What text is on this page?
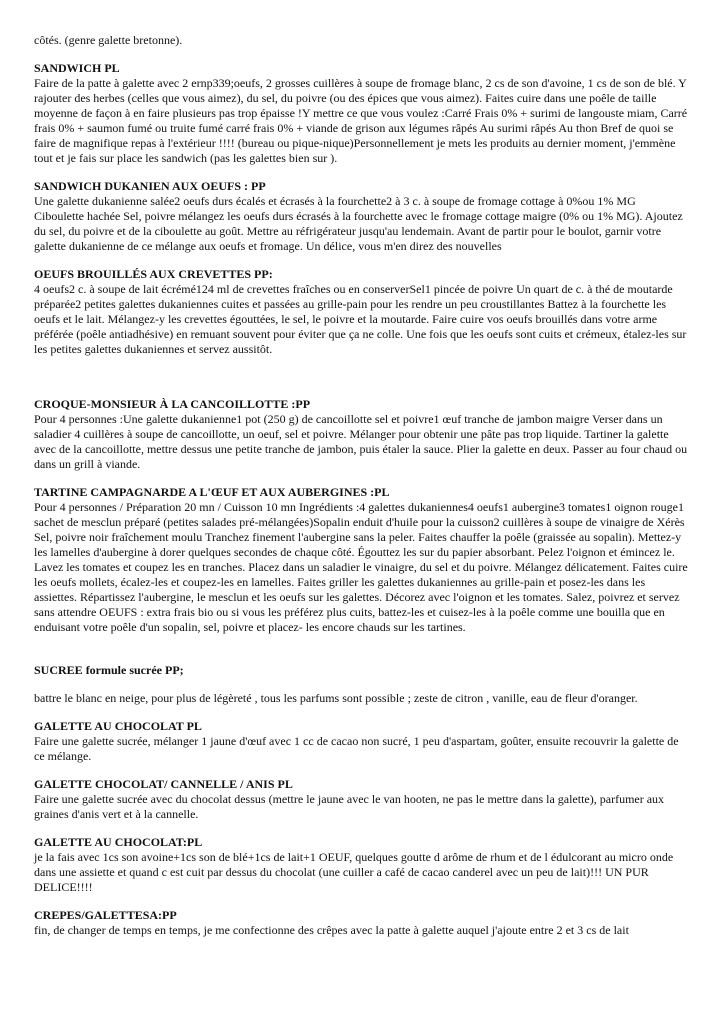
côtés. (genre galette bretonne).

SANDWICH PL

Faire de la patte à galette avec 2 ernp339;oeufs, 2 grosses cuillères à soupe de fromage blanc, 2 cs de son d'avoine, 1 cs de son de blé. Y rajouter des herbes (celles que vous aimez), du sel, du poivre (ou des épices que vous aimez). Faites cuire dans une poêle de taille moyenne de façon à en faire plusieurs pas trop épaisse !Y mettre ce que vous voulez :Carré Frais 0% + surimi de langouste miam, Carré frais 0% + saumon fumé ou truite fumé carré frais 0% + viande de grison aux légumes râpés Au surimi râpés Au thon Bref de quoi se faire de magnifique repas à l'extérieur !!!! (bureau ou pique-nique)Personnellement je mets les produits au dernier moment, j'emmène tout et je fais sur place les sandwich (pas les galettes bien sur ).

SANDWICH DUKANIEN AUX OEUFS : PP

Une galette dukanienne salée2 oeufs durs écalés et écrasés à la fourchette2 à 3 c. à soupe de fromage cottage à 0%ou 1% MG Ciboulette hachée Sel, poivre mélangez les oeufs durs écrasés à la fourchette avec le fromage cottage maigre (0% ou 1% MG). Ajoutez du sel, du poivre et de la ciboulette au goût. Mettre au réfrigérateur jusqu'au lendemain. Avant de partir pour le boulot, garnir votre galette dukanienne de ce mélange aux oeufs et fromage. Un délice, vous m'en direz des nouvelles

OEUFS BROUILLÉS AUX CREVETTES PP:

4 oeufs2 c. à soupe de lait écrémé124 ml de crevettes fraîches ou en conserverSel1 pincée de poivre Un quart de c. à thé de moutarde préparée2 petites galettes dukaniennes cuites et passées au grille-pain pour les rendre un peu croustillantes Battez à la fourchette les oeufs et le lait. Mélangez-y les crevettes égouttées, le sel, le poivre et la moutarde. Faire cuire vos oeufs brouillés dans votre arme préférée (poêle antiadhésive) en remuant souvent pour éviter que ça ne colle. Une fois que les oeufs sont cuits et crémeux, étalez-les sur les petites galettes dukaniennes et servez aussitôt.

CROQUE-MONSIEUR À LA CANCOILLOTTE :PP

Pour 4 personnes :Une galette dukanienne1 pot (250 g) de cancoillotte sel et poivre1 œuf tranche de jambon maigre Verser dans un saladier 4 cuillères à soupe de cancoillotte, un oeuf, sel et poivre. Mélanger pour obtenir une pâte pas trop liquide. Tartiner la galette avec de la cancoillotte, mettre dessus une petite tranche de jambon, puis étaler la sauce. Plier la galette en deux. Passer au four chaud ou dans un grill à viande.

TARTINE CAMPAGNARDE A L'ŒUF ET AUX AUBERGINES :PL

Pour 4 personnes / Préparation 20 mn / Cuisson 10 mn Ingrédients :4 galettes dukaniennes4 oeufs1 aubergine3 tomates1 oignon rouge1 sachet de mesclun préparé (petites salades pré-mélangées)Sopalin enduit d'huile pour la cuisson2 cuillères à soupe de vinaigre de Xérès Sel, poivre noir fraîchement moulu Tranchez finement l'aubergine sans la peler. Faites chauffer la poêle (graissée au sopalin). Mettez-y les lamelles d'aubergine à dorer quelques secondes de chaque côté. Égouttez les sur du papier absorbant. Pelez l'oignon et émincez le. Lavez les tomates et coupez les en tranches. Placez dans un saladier le vinaigre, du sel et du poivre. Mélangez délicatement. Faites cuire les oeufs mollets, écalez-les et coupez-les en lamelles. Faites griller les galettes dukaniennes au grille-pain et posez-les dans les assiettes. Répartissez l'aubergine, le mesclun et les oeufs sur les galettes. Décorez avec l'oignon et les tomates. Salez, poivrez et servez sans attendre OEUFS : extra frais bio ou si vous les préférez plus cuits, battez-les et cuisez-les à la poêle comme une bouilla que en enduisant votre poêle d'un sopalin, sel, poivre et placez- les encore chauds sur les tartines.

SUCREE formule sucrée PP;

battre le blanc en neige, pour plus de légèreté , tous les parfums sont possible ; zeste de citron , vanille, eau de fleur d'oranger.

GALETTE AU CHOCOLAT PL

Faire une galette sucrée, mélanger 1 jaune d'œuf avec 1 cc de cacao non sucré, 1 peu d'aspartam, goûter, ensuite recouvrir la galette de ce mélange.

GALETTE CHOCOLAT/ CANNELLE / ANIS PL

Faire une galette sucrée avec du chocolat dessus (mettre le jaune avec le van hooten, ne pas le mettre dans la galette), parfumer aux graines d'anis vert et à la cannelle.

GALETTE AU CHOCOLAT:PL

je la fais avec 1cs son avoine+1cs son de blé+1cs de lait+1 OEUF, quelques goutte d arôme de rhum et de l édulcorant au micro onde dans une assiette et quand c est cuit par dessus du chocolat (une cuiller a café de cacao canderel avec un peu de lait)!!! UN PUR DELICE!!!!

CREPES/GALETTESA:PP

fin, de changer de temps en temps, je me confectionne des crêpes avec la patte à galette auquel j'ajoute entre 2 et 3 cs de lait
